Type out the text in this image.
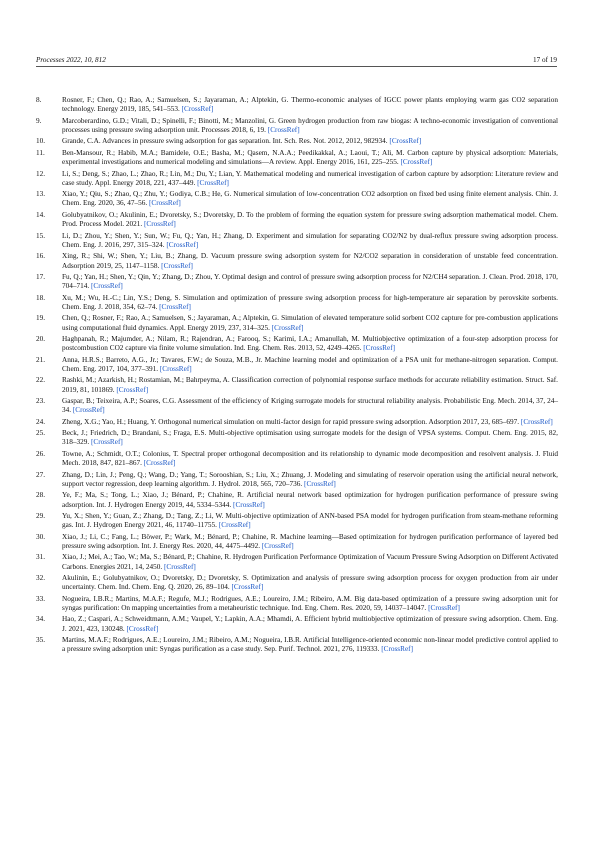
Processes 2022, 10, 812	17 of 19
8.	Rosner, F.; Chen, Q.; Rao, A.; Samuelsen, S.; Jayaraman, A.; Alptekin, G. Thermo-economic analyses of IGCC power plants employing warm gas CO2 separation technology. Energy 2019, 185, 541–553. [CrossRef]
9.	Marcoberardino, G.D.; Vitali, D.; Spinelli, F.; Binotti, M.; Manzolini, G. Green hydrogen production from raw biogas: A techno-economic investigation of conventional processes using pressure swing adsorption unit. Processes 2018, 6, 19. [CrossRef]
10.	Grande, C.A. Advances in pressure swing adsorption for gas separation. Int. Sch. Res. Not. 2012, 2012, 982934. [CrossRef]
11.	Ben-Mansour, R.; Habib, M.A.; Bamidele, O.E.; Basha, M.; Qasem, N.A.A.; Peedikakkal, A.; Laoui, T.; Ali, M. Carbon capture by physical adsorption: Materials, experimental investigations and numerical modeling and simulations—A review. Appl. Energy 2016, 161, 225–255. [CrossRef]
12.	Li, S.; Deng, S.; Zhao, L.; Zhao, R.; Lin, M.; Du, Y.; Lian, Y. Mathematical modeling and numerical investigation of carbon capture by adsorption: Literature review and case study. Appl. Energy 2018, 221, 437–449. [CrossRef]
13.	Xiao, Y.; Qiu, S.; Zhao, Q.; Zhu, Y.; Godiya, C.B.; He, G. Numerical simulation of low-concentration CO2 adsorption on fixed bed using finite element analysis. Chin. J. Chem. Eng. 2020, 36, 47–56. [CrossRef]
14.	Golubyatnikov, O.; Akulinin, E.; Dvoretsky, S.; Dvoretsky, D. To the problem of forming the equation system for pressure swing adsorption mathematical model. Chem. Prod. Process Model. 2021. [CrossRef]
15.	Li, D.; Zhou, Y.; Shen, Y.; Sun, W.; Fu, Q.; Yan, H.; Zhang, D. Experiment and simulation for separating CO2/N2 by dual-reflux pressure swing adsorption process. Chem. Eng. J. 2016, 297, 315–324. [CrossRef]
16.	Xing, R.; Shi, W.; Shen, Y.; Liu, B.; Zhang, D. Vacuum pressure swing adsorption system for N2/CO2 separation in consideration of unstable feed concentration. Adsorption 2019, 25, 1147–1158. [CrossRef]
17.	Fu, Q.; Yan, H.; Shen, Y.; Qin, Y.; Zhang, D.; Zhou, Y. Optimal design and control of pressure swing adsorption process for N2/CH4 separation. J. Clean. Prod. 2018, 170, 704–714. [CrossRef]
18.	Xu, M.; Wu, H.-C.; Lin, Y.S.; Deng, S. Simulation and optimization of pressure swing adsorption process for high-temperature air separation by perovskite sorbents. Chem. Eng. J. 2018, 354, 62–74. [CrossRef]
19.	Chen, Q.; Rosner, F.; Rao, A.; Samuelsen, S.; Jayaraman, A.; Alptekin, G. Simulation of elevated temperature solid sorbent CO2 capture for pre-combustion applications using computational fluid dynamics. Appl. Energy 2019, 237, 314–325. [CrossRef]
20.	Haghpanah, R.; Majumder, A.; Nilam, R.; Rajendran, A.; Farooq, S.; Karimi, I.A.; Amanullah, M. Multiobjective optimization of a four-step adsorption process for postcombustion CO2 capture via finite volume simulation. Ind. Eng. Chem. Res. 2013, 52, 4249–4265. [CrossRef]
21.	Anna, H.R.S.; Barreto, A.G., Jr.; Tavares, F.W.; de Souza, M.B., Jr. Machine learning model and optimization of a PSA unit for methane-nitrogen separation. Comput. Chem. Eng. 2017, 104, 377–391. [CrossRef]
22.	Rashki, M.; Azarkish, H.; Rostamian, M.; Bahrpeyma, A. Classification correction of polynomial response surface methods for accurate reliability estimation. Struct. Saf. 2019, 81, 101869. [CrossRef]
23.	Gaspar, B.; Teixeira, A.P.; Soares, C.G. Assessment of the efficiency of Kriging surrogate models for structural reliability analysis. Probabilistic Eng. Mech. 2014, 37, 24–34. [CrossRef]
24.	Zheng, X.G.; Yao, H.; Huang, Y. Orthogonal numerical simulation on multi-factor design for rapid pressure swing adsorption. Adsorption 2017, 23, 685–697. [CrossRef]
25.	Beck, J.; Friedrich, D.; Brandani, S.; Fraga, E.S. Multi-objective optimisation using surrogate models for the design of VPSA systems. Comput. Chem. Eng. 2015, 82, 318–329. [CrossRef]
26.	Towne, A.; Schmidt, O.T.; Colonius, T. Spectral proper orthogonal decomposition and its relationship to dynamic mode decomposition and resolvent analysis. J. Fluid Mech. 2018, 847, 821–867. [CrossRef]
27.	Zhang, D.; Lin, J.; Peng, Q.; Wang, D.; Yang, T.; Sorooshian, S.; Liu, X.; Zhuang, J. Modeling and simulating of reservoir operation using the artificial neural network, support vector regression, deep learning algorithm. J. Hydrol. 2018, 565, 720–736. [CrossRef]
28.	Ye, F.; Ma, S.; Tong, L.; Xiao, J.; Bénard, P.; Chahine, R. Artificial neural network based optimization for hydrogen purification performance of pressure swing adsorption. Int. J. Hydrogen Energy 2019, 44, 5334–5344. [CrossRef]
29.	Yu, X.; Shen, Y.; Guan, Z.; Zhang, D.; Tang, Z.; Li, W. Multi-objective optimization of ANN-based PSA model for hydrogen purification from steam-methane reforming gas. Int. J. Hydrogen Energy 2021, 46, 11740–11755. [CrossRef]
30.	Xiao, J.; Li, C.; Fang, L.; Böwer, P.; Wark, M.; Bénard, P.; Chahine, R. Machine learning—Based optimization for hydrogen purification performance of layered bed pressure swing adsorption. Int. J. Energy Res. 2020, 44, 4475–4492. [CrossRef]
31.	Xiao, J.; Mei, A.; Tao, W.; Ma, S.; Bénard, P.; Chahine, R. Hydrogen Purification Performance Optimization of Vacuum Pressure Swing Adsorption on Different Activated Carbons. Energies 2021, 14, 2450. [CrossRef]
32.	Akulinin, E.; Golubyatnikov, O.; Dvoretsky, D.; Dvoretsky, S. Optimization and analysis of pressure swing adsorption process for oxygen production from air under uncertainty. Chem. Ind. Chem. Eng. Q. 2020, 26, 89–104. [CrossRef]
33.	Nogueira, I.B.R.; Martins, M.A.F.; Regufe, M.J.; Rodrigues, A.E.; Loureiro, J.M.; Ribeiro, A.M. Big data-based optimization of a pressure swing adsorption unit for syngas purification: On mapping uncertainties from a metaheuristic technique. Ind. Eng. Chem. Res. 2020, 59, 14037–14047. [CrossRef]
34.	Hao, Z.; Caspari, A.; Schweidtmann, A.M.; Vaupel, Y.; Lapkin, A.A.; Mhamdi, A. Efficient hybrid multiobjective optimization of pressure swing adsorption. Chem. Eng. J. 2021, 423, 130248. [CrossRef]
35.	Martins, M.A.F.; Rodrigues, A.E.; Loureiro, J.M.; Ribeiro, A.M.; Nogueira, I.B.R. Artificial Intelligence-oriented economic non-linear model predictive control applied to a pressure swing adsorption unit: Syngas purification as a case study. Sep. Purif. Technol. 2021, 276, 119333. [CrossRef]
